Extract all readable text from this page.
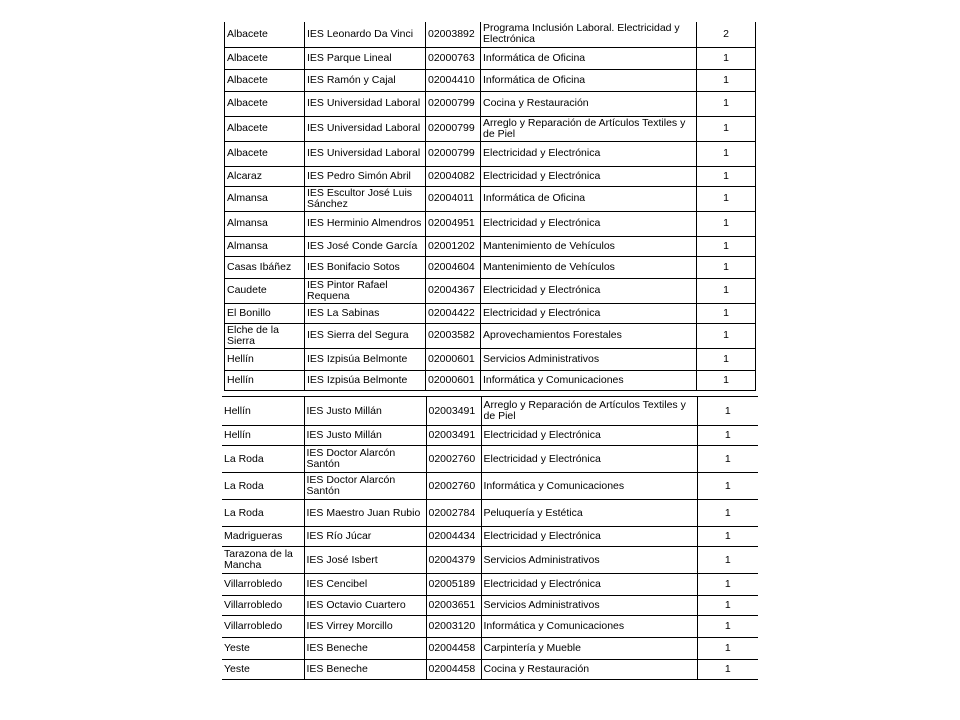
Albacete	IES Leonardo Da Vinci	02003892	Programa Inclusión Laboral. Electricidad y Electrónica	2
Albacete	IES Parque Lineal	02000763	Informática de Oficina	1
Albacete	IES Ramón y Cajal	02004410	Informática de Oficina	1
Albacete	IES Universidad Laboral	02000799	Cocina y Restauración	1
Albacete	IES Universidad Laboral	02000799	Arreglo y Reparación de Artículos Textiles y de Piel	1
Albacete	IES Universidad Laboral	02000799	Electricidad y Electrónica	1
Alcaraz	IES Pedro Simón Abril	02004082	Electricidad y Electrónica	1
Almansa	IES Escultor José Luis Sánchez	02004011	Informática de Oficina	1
Almansa	IES Herminio Almendros	02004951	Electricidad y Electrónica	1
Almansa	IES José Conde García	02001202	Mantenimiento de Vehículos	1
Casas Ibáñez	IES Bonifacio Sotos	02004604	Mantenimiento de Vehículos	1
Caudete	IES Pintor Rafael Requena	02004367	Electricidad y Electrónica	1
El Bonillo	IES La Sabinas	02004422	Electricidad y Electrónica	1
Elche de la Sierra	IES Sierra del Segura	02003582	Aprovechamientos Forestales	1
Hellín	IES Izpisúa Belmonte	02000601	Servicios Administrativos	1
Hellín	IES Izpisúa Belmonte	02000601	Informática y Comunicaciones	1
Hellín	IES Justo Millán	02003491	Arreglo y Reparación de Artículos Textiles y de Piel	1
Hellín	IES Justo Millán	02003491	Electricidad y Electrónica	1
La Roda	IES Doctor Alarcón Santón	02002760	Electricidad y Electrónica	1
La Roda	IES Doctor Alarcón Santón	02002760	Informática y Comunicaciones	1
La Roda	IES Maestro Juan Rubio	02002784	Peluquería y Estética	1
Madrigueras	IES Río Júcar	02004434	Electricidad y Electrónica	1
Tarazona de la Mancha	IES José Isbert	02004379	Servicios Administrativos	1
Villarrobledo	IES Cencibel	02005189	Electricidad y Electrónica	1
Villarrobledo	IES Octavio Cuartero	02003651	Servicios Administrativos	1
Villarrobledo	IES Virrey Morcillo	02003120	Informática y Comunicaciones	1
Yeste	IES Beneche	02004458	Carpintería y Mueble	1
Yeste	IES Beneche	02004458	Cocina y Restauración	1
